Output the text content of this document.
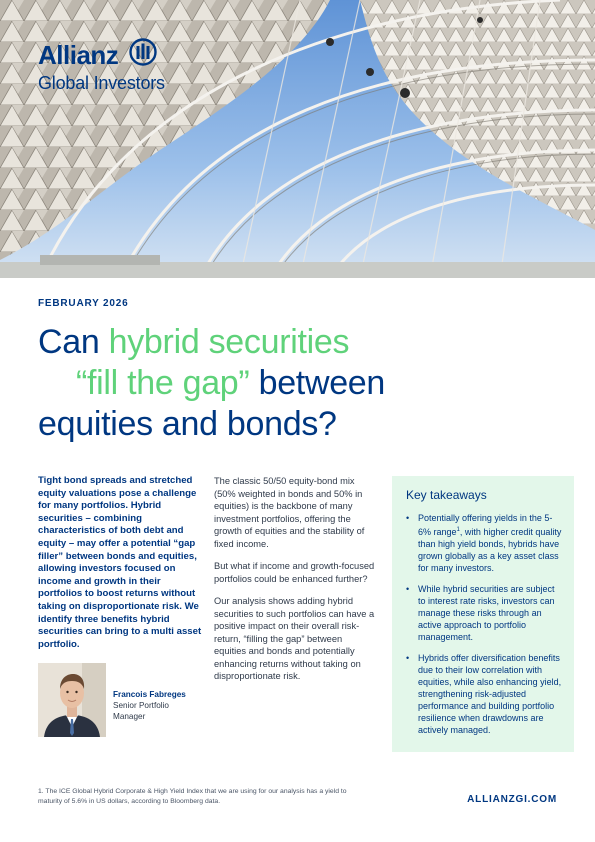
Allianz
Global Investors
FEBRUARY 2026
Can hybrid securities
“fill the gap” between
equities and bonds?

Tight bond spreads and stretched equity valuations pose a challenge for many portfolios. Hybrid securities – combining characteristics of both debt and equity – may offer a potential “gap filler” between bonds and equities, allowing investors focused on income and growth in their portfolios to boost returns without taking on disproportionate risk. We identify three benefits hybrid securities can bring to a multi asset portfolio.

The classic 50/50 equity-bond mix (50% weighted in bonds and 50% in equities) is the backbone of many investment portfolios, offering the growth of equities and the stability of fixed income.

But what if income and growth-focused portfolios could be enhanced further?

Our analysis shows adding hybrid securities to such portfolios can have a positive impact on their overall risk-return, “filling the gap” between equities and bonds and potentially enhancing returns without taking on disproportionate risk.

Francois Fabreges
Senior Portfolio Manager
Key takeaways
• Potentially offering yields in the 5-6% range$^1$, with higher credit quality than high yield bonds, hybrids have grown globally as a key asset class for many investors.
• While hybrid securities are subject to interest rate risks, investors can manage these risks through an active approach to portfolio management.
• Hybrids offer diversification benefits due to their low correlation with equities, while also enhancing yield, strengthening risk-adjusted performance and building portfolio resilience when drawdowns are actively managed.
1. The ICE Global Hybrid Corporate & High Yield Index that we are using for our analysis has a yield to maturity of 5.6% in US dollars, according to Bloomberg data.	ALLIANZGI.COM
